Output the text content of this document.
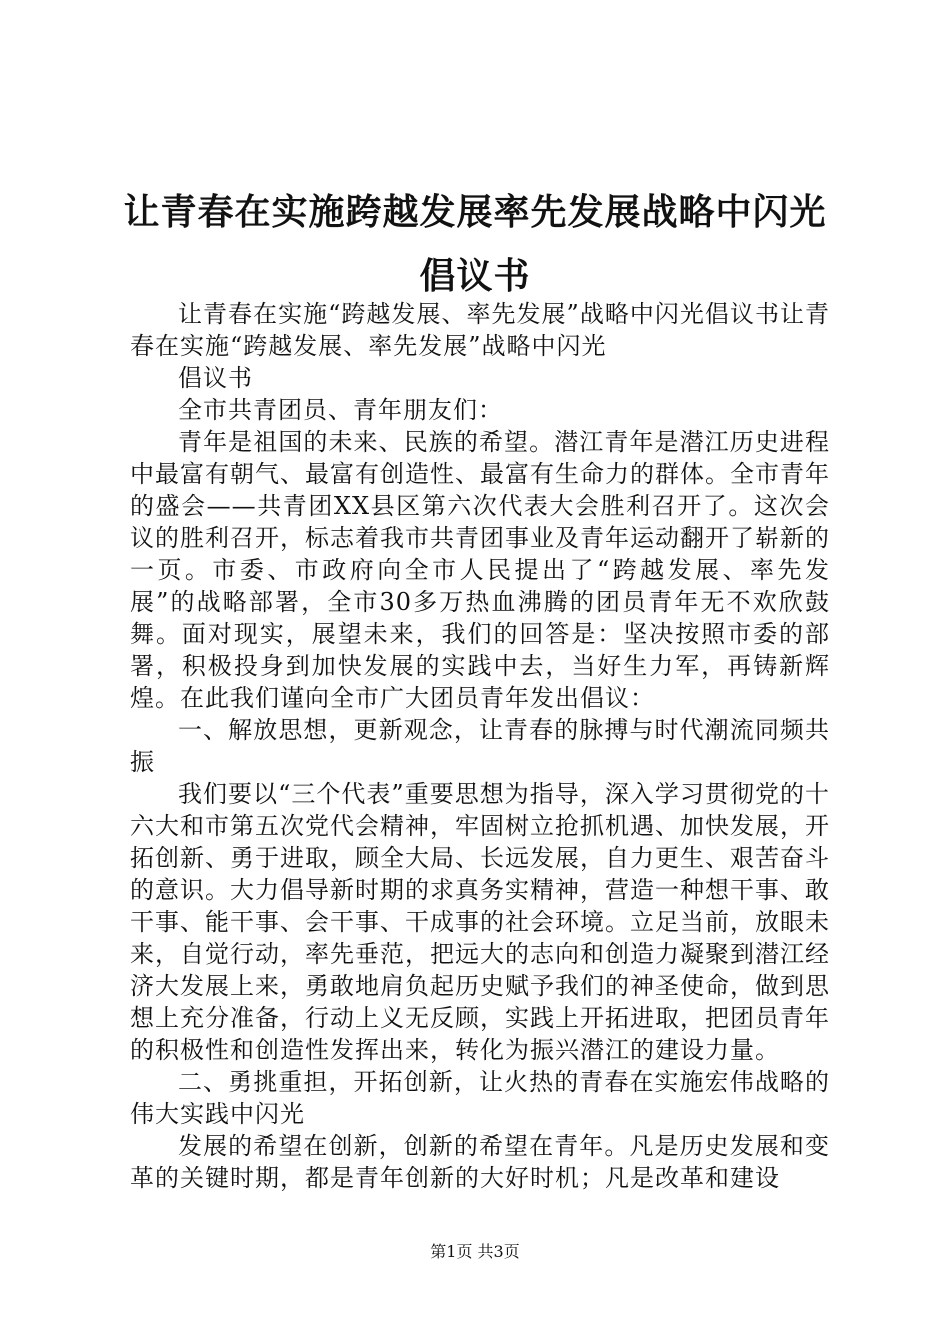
让青春在实施跨越发展率先发展战略中闪光倡议书

让青春在实施“跨越发展、率先发展”战略中闪光倡议书让青春在实施“跨越发展、率先发展”战略中闪光

倡议书

全市共青团员、青年朋友们：

青年是祖国的未来、民族的希望。潜江青年是潜江历史进程中最富有朝气、最富有创造性、最富有生命力的群体。全市青年的盛会——共青团XX县区第六次代表大会胜利召开了。这次会议的胜利召开，标志着我市共青团事业及青年运动翻开了崭新的一页。市委、市政府向全市人民提出了“跨越发展、率先发展”的战略部署，全市30多万热血沸腾的团员青年无不欢欣鼓舞。面对现实，展望未来，我们的回答是：坚决按照市委的部署，积极投身到加快发展的实践中去，当好生力军，再铸新辉煌。在此我们谨向全市广大团员青年发出倡议：

一、解放思想，更新观念，让青春的脉搏与时代潮流同频共振

我们要以“三个代表”重要思想为指导，深入学习贯彻党的十六大和市第五次党代会精神，牢固树立抢抓机遇、加快发展，开拓创新、勇于进取，顾全大局、长远发展，自力更生、艰苦奋斗的意识。大力倡导新时期的求真务实精神，营造一种想干事、敢干事、能干事、会干事、干成事的社会环境。立足当前，放眼未来，自觉行动，率先垂范，把远大的志向和创造力凝聚到潜江经济大发展上来，勇敢地肩负起历史赋予我们的神圣使命，做到思想上充分准备，行动上义无反顾，实践上开拓进取，把团员青年的积极性和创造性发挥出来，转化为振兴潜江的建设力量。

二、勇挑重担，开拓创新，让火热的青春在实施宏伟战略的伟大实践中闪光

发展的希望在创新，创新的希望在青年。凡是历史发展和变革的关键时期，都是青年创新的大好时机；凡是改革和建设

第1页 共3页
